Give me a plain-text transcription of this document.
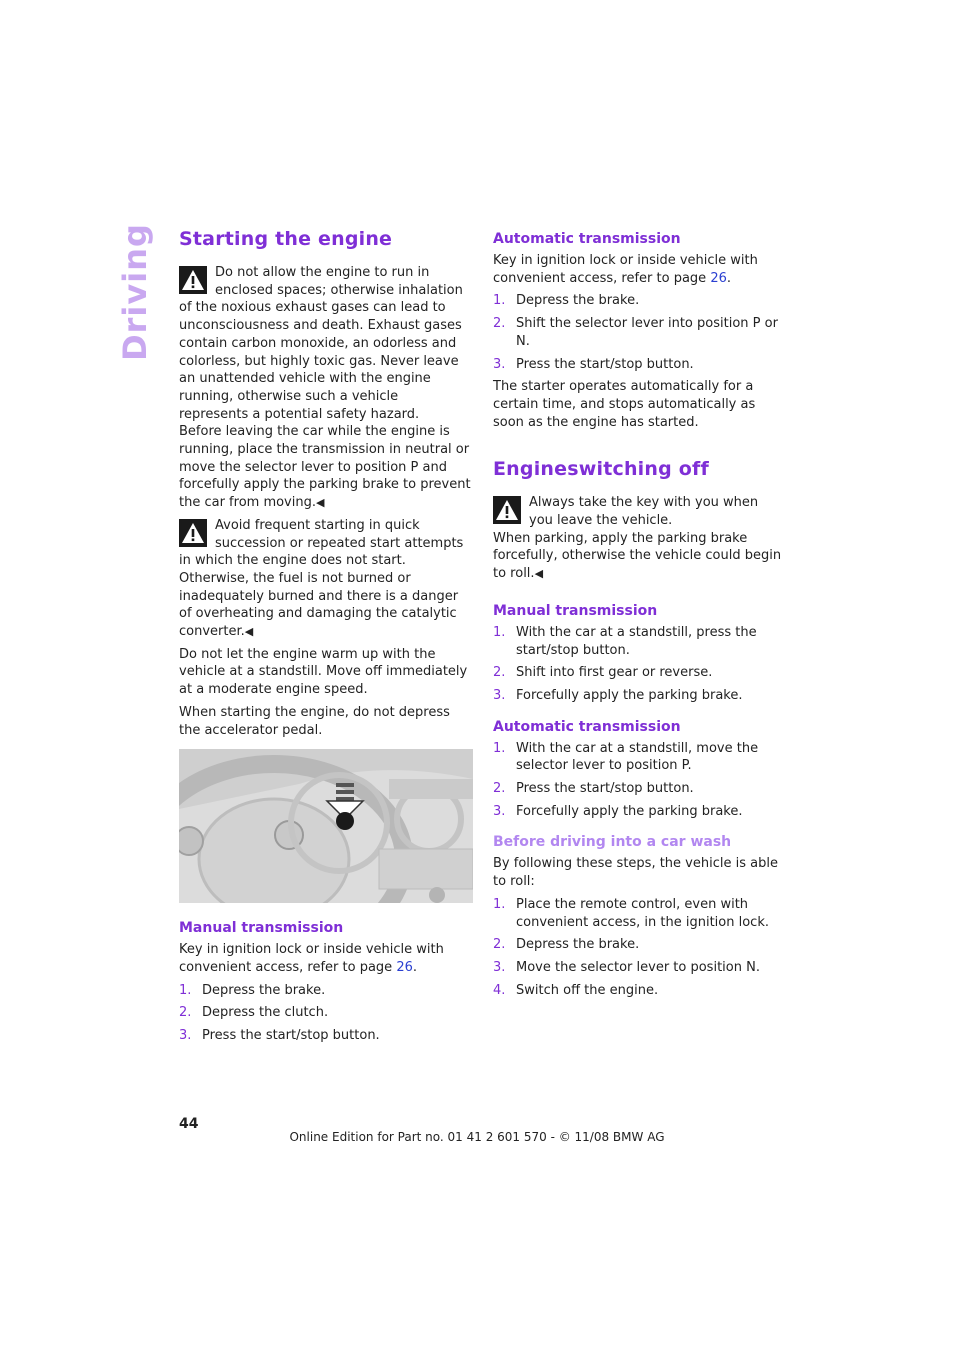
Driving Starting the engine
Do not allow the engine to run in enclosed spaces; otherwise inhalation of the noxious exhaust gases can lead to unconsciousness and death. Exhaust gases contain carbon monoxide, an odorless and colorless, but highly toxic gas. Never leave an unattended vehicle with the engine running, otherwise such a vehicle represents a potential safety hazard.
Before leaving the car while the engine is running, place the transmission in neutral or move the selector lever to position P and forcefully apply the parking brake to prevent the car from moving.◀
Avoid frequent starting in quick succession or repeated start attempts in which the engine does not start. Otherwise, the fuel is not burned or inadequately burned and there is a danger of overheating and damaging the catalytic converter.◀

Do not let the engine warm up with the vehicle at a standstill. Move off immediately at a moderate engine speed.

When starting the engine, do not depress the accelerator pedal.

Manual transmission

Key in ignition lock or inside vehicle with convenient access, refer to page 26.

1. Depress the brake.
2. Depress the clutch.
3. Press the start/stop button.
Automatic transmission

Key in ignition lock or inside vehicle with convenient access, refer to page 26.

1. Depress the brake.
2. Shift the selector lever into position P or N.
3. Press the start/stop button.

The starter operates automatically for a certain time, and stops automatically as soon as the engine has started.

Engineswitching off
Always take the key with you when you leave the vehicle.
When parking, apply the parking brake forcefully, otherwise the vehicle could begin to roll.◀
Manual transmission
1. With the car at a standstill, press the start/stop button.
2. Shift into first gear or reverse.
3. Forcefully apply the parking brake.
Automatic transmission
1. With the car at a standstill, move the selector lever to position P.
2. Press the start/stop button.
3. Forcefully apply the parking brake.
Before driving into a car wash

By following these steps, the vehicle is able to roll:

1. Place the remote control, even with convenient access, in the ignition lock.
2. Depress the brake.
3. Move the selector lever to position N.
4. Switch off the engine.
44
Online Edition for Part no. 01 41 2 601 570 - © 11/08 BMW AG
